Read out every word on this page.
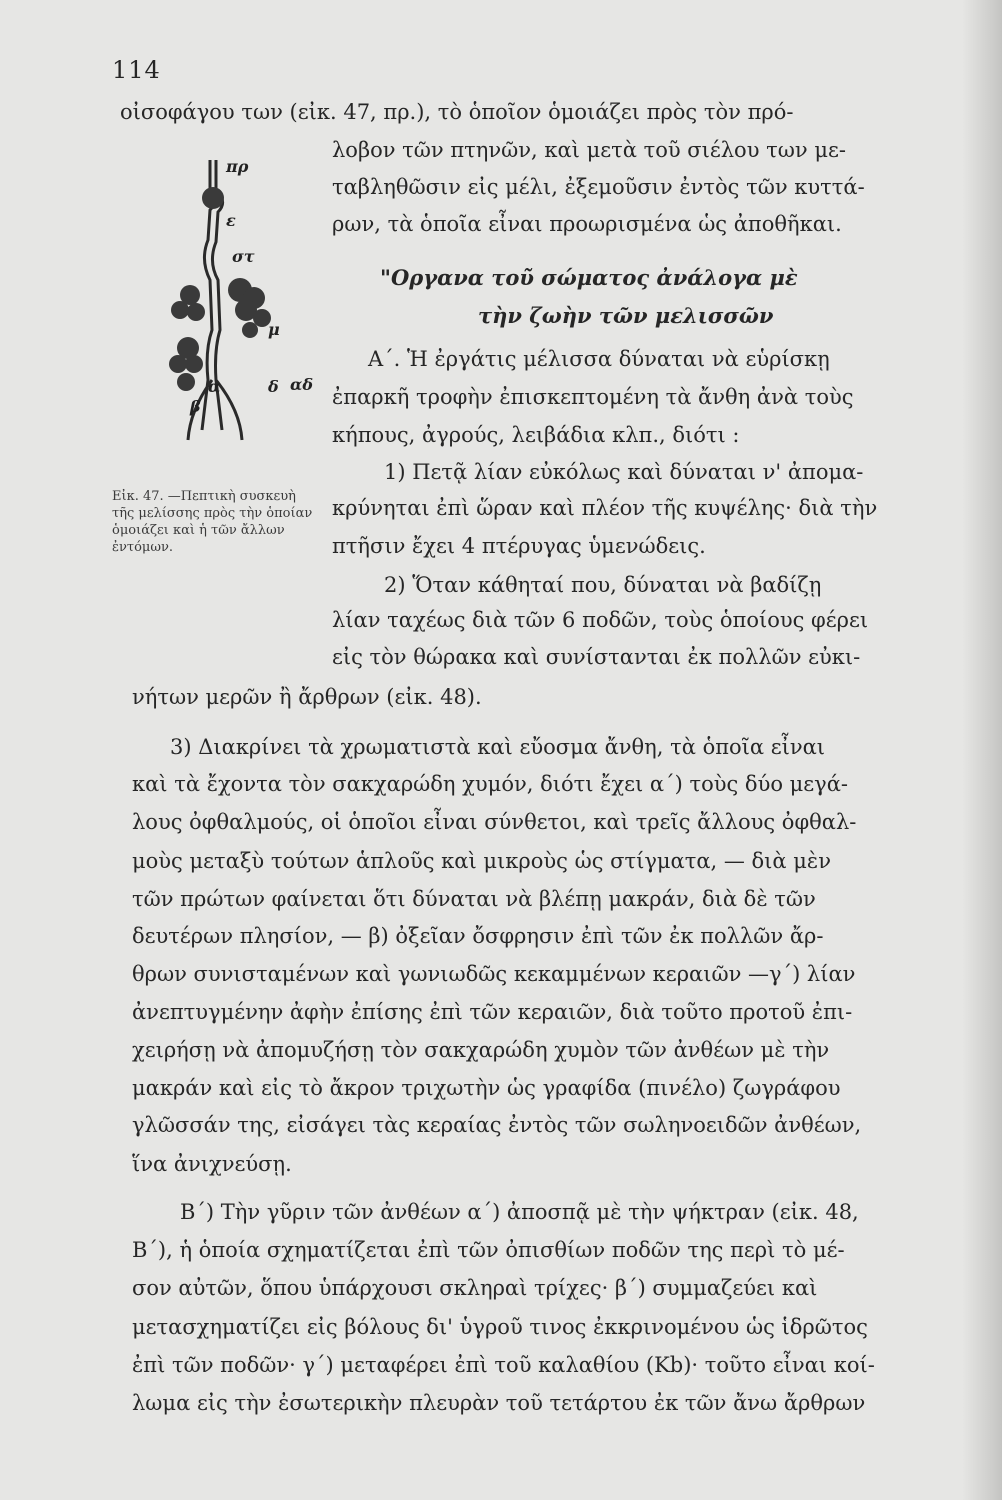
114
πρ
ε
στ
μ
α	δ
β
αδ
Εἰκ. 47. —Πεπτικὴ συσκευὴ τῆς μελίσσης πρὸς τὴν ὁποίαν ὁμοιάζει καὶ ἡ τῶν ἄλλων ἐντόμων.
"Οργανα τοῦ σώματος ἀνάλογα μὲ
τὴν ζωὴν τῶν μελισσῶν
οἰσοφάγου των (εἰκ. 47, πρ.), τὸ ὁποῖον ὁμοιάζει πρὸς τὸν πρό-
λοβον τῶν πτηνῶν, καὶ μετὰ τοῦ σιέλου των με-
ταβληθῶσιν εἰς μέλι, ἐξεμοῦσιν ἐντὸς τῶν κυττά-
ρων, τὰ ὁποῖα εἶναι προωρισμένα ὡς ἀποθῆκαι.
Α΄. Ἡ ἐργάτις μέλισσα δύναται νὰ εὑρίσκῃ
ἐπαρκῆ τροφὴν ἐπισκεπτομένη τὰ ἄνθη ἀνὰ τοὺς
κήπους, ἀγρούς, λειβάδια κλπ., διότι :
1) Πετᾷ λίαν εὐκόλως καὶ δύναται ν' ἀπομα-
κρύνηται ἐπὶ ὥραν καὶ πλέον τῆς κυψέλης· διὰ τὴν
πτῆσιν ἔχει 4 πτέρυγας ὑμενώδεις.
2) Ὅταν κάθηταί που, δύναται νὰ βαδίζῃ
λίαν ταχέως διὰ τῶν 6 ποδῶν, τοὺς ὁποίους φέρει
εἰς τὸν θώρακα καὶ συνίστανται ἐκ πολλῶν εὐκι-
νήτων μερῶν ἢ ἄρθρων (εἰκ. 48).
3) Διακρίνει τὰ χρωματιστὰ καὶ εὔοσμα ἄνθη, τὰ ὁποῖα εἶναι
καὶ τὰ ἔχοντα τὸν σακχαρώδη χυμόν, διότι ἔχει α΄) τοὺς δύο μεγά-
λους ὀφθαλμούς, οἱ ὁποῖοι εἶναι σύνθετοι, καὶ τρεῖς ἄλλους ὀφθαλ-
μοὺς μεταξὺ τούτων ἁπλοῦς καὶ μικροὺς ὡς στίγματα, — διὰ μὲν
τῶν πρώτων φαίνεται ὅτι δύναται νὰ βλέπῃ μακράν, διὰ δὲ τῶν
δευτέρων πλησίον, — β) ὀξεῖαν ὄσφρησιν ἐπὶ τῶν ἐκ πολλῶν ἄρ-
θρων συνισταμένων καὶ γωνιωδῶς κεκαμμένων κεραιῶν —γ΄) λίαν
ἀνεπτυγμένην ἀφὴν ἐπίσης ἐπὶ τῶν κεραιῶν, διὰ τοῦτο προτοῦ ἐπι-
χειρήσῃ νὰ ἀπομυζήσῃ τὸν σακχαρώδη χυμὸν τῶν ἀνθέων μὲ τὴν
μακράν καὶ εἰς τὸ ἄκρον τριχωτὴν ὡς γραφίδα (πινέλο) ζωγράφου
γλῶσσάν της, εἰσάγει τὰς κεραίας ἐντὸς τῶν σωληνοειδῶν ἀνθέων,
ἵνα ἀνιχνεύσῃ.
Β΄) Τὴν γῦριν τῶν ἀνθέων α΄) ἀποσπᾷ μὲ τὴν ψήκτραν (εἰκ. 48,
Β΄), ἡ ὁποία σχηματίζεται ἐπὶ τῶν ὀπισθίων ποδῶν της περὶ τὸ μέ-
σον αὐτῶν, ὅπου ὑπάρχουσι σκληραὶ τρίχες· β΄) συμμαζεύει καὶ
μετασχηματίζει εἰς βόλους δι' ὑγροῦ τινος ἐκκρινομένου ὡς ἱδρῶτος
ἐπὶ τῶν ποδῶν· γ΄) μεταφέρει ἐπὶ τοῦ καλαθίου (Kb)· τοῦτο εἶναι κοί-
λωμα εἰς τὴν ἐσωτερικὴν πλευρὰν τοῦ τετάρτου ἐκ τῶν ἄνω ἄρθρων
